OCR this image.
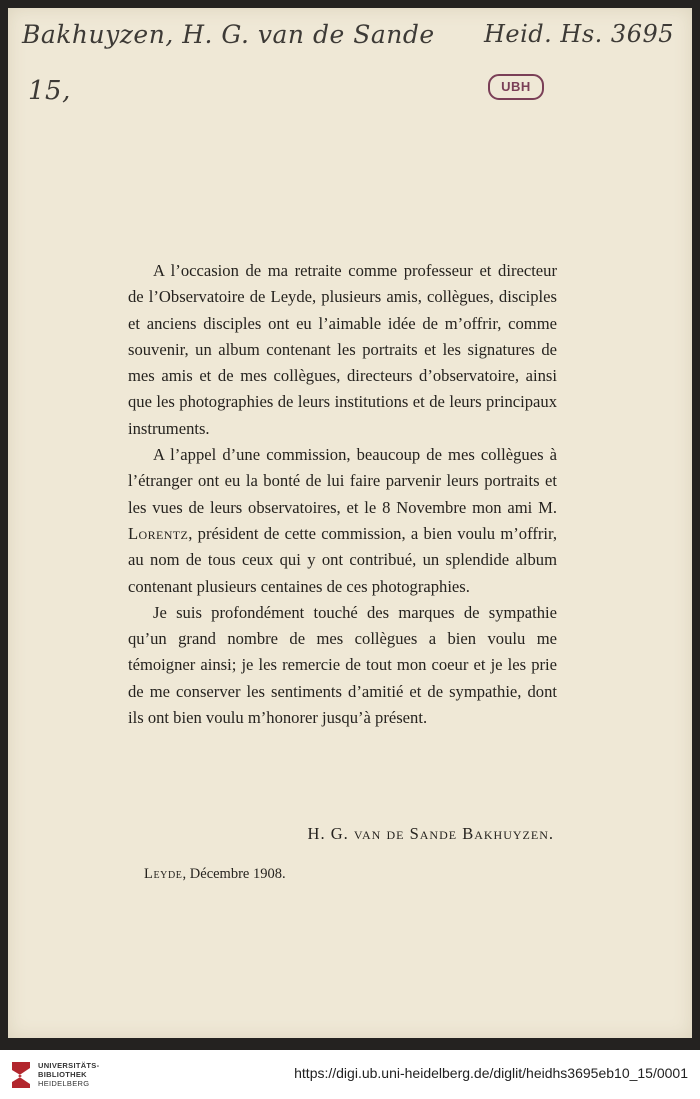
Bakhuyzen, H. G. van de Sande Heid. Hs. 3695
15,	UBH

A l’occasion de ma retraite comme professeur et directeur de l’Observatoire de Leyde, plusieurs amis, collègues, disciples et anciens disciples ont eu l’aimable idée de m’offrir, comme souvenir, un album contenant les portraits et les signatures de mes amis et de mes collègues, directeurs d’observatoire, ainsi que les photographies de leurs institutions et de leurs principaux instruments.

A l’appel d’une commission, beaucoup de mes collègues à l’étranger ont eu la bonté de lui faire parvenir leurs portraits et les vues de leurs observatoires, et le 8 Novembre mon ami M. Lorentz, président de cette commission, a bien voulu m’offrir, au nom de tous ceux qui y ont contribué, un splendide album contenant plusieurs centaines de ces photographies.

Je suis profondément touché des marques de sympathie qu’un grand nombre de mes collègues a bien voulu me témoigner ainsi; je les remercie de tout mon coeur et je les prie de me conserver les sentiments d’amitié et de sympathie, dont ils ont bien voulu m’honorer jusqu’à présent.

H. G. van de Sande Bakhuyzen.
Leyde, Décembre 1908.
UNIVERSITÄTS-
BIBLIOTHEK
HEIDELBERG
https://digi.ub.uni-heidelberg.de/diglit/heidhs3695eb10_15/0001
